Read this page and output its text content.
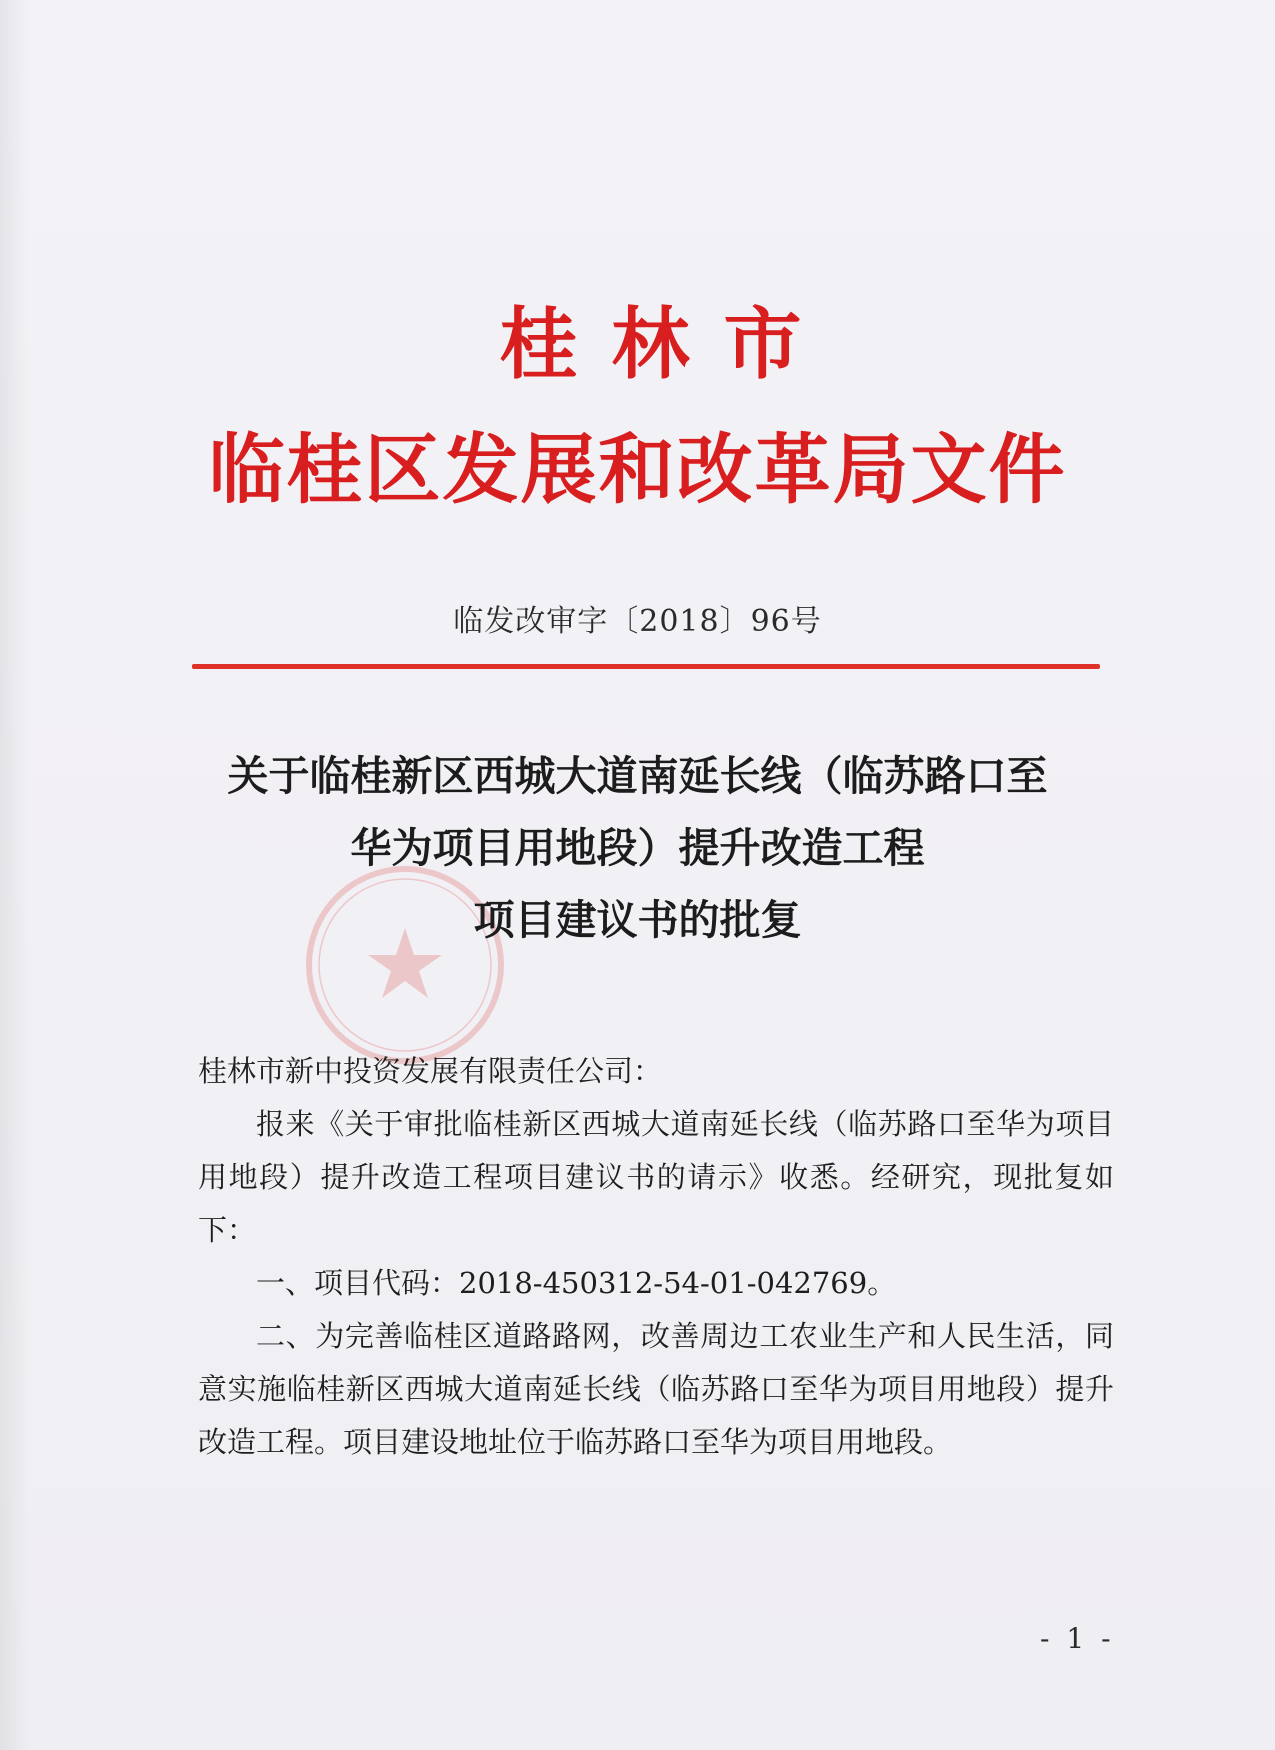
桂林市
临桂区发展和改革局文件
临发改审字〔2018〕96号
关于临桂新区西城大道南延长线（临苏路口至
华为项目用地段）提升改造工程
项目建议书的批复

桂林市新中投资发展有限责任公司：

报来《关于审批临桂新区西城大道南延长线（临苏路口至华为项目用地段）提升改造工程项目建议书的请示》收悉。经研究，现批复如下：
一、项目代码：2018-450312-54-01-042769。
二、为完善临桂区道路路网，改善周边工农业生产和人民生活，同意实施临桂新区西城大道南延长线（临苏路口至华为项目用地段）提升改造工程。项目建设地址位于临苏路口至华为项目用地段。
- 1 -
